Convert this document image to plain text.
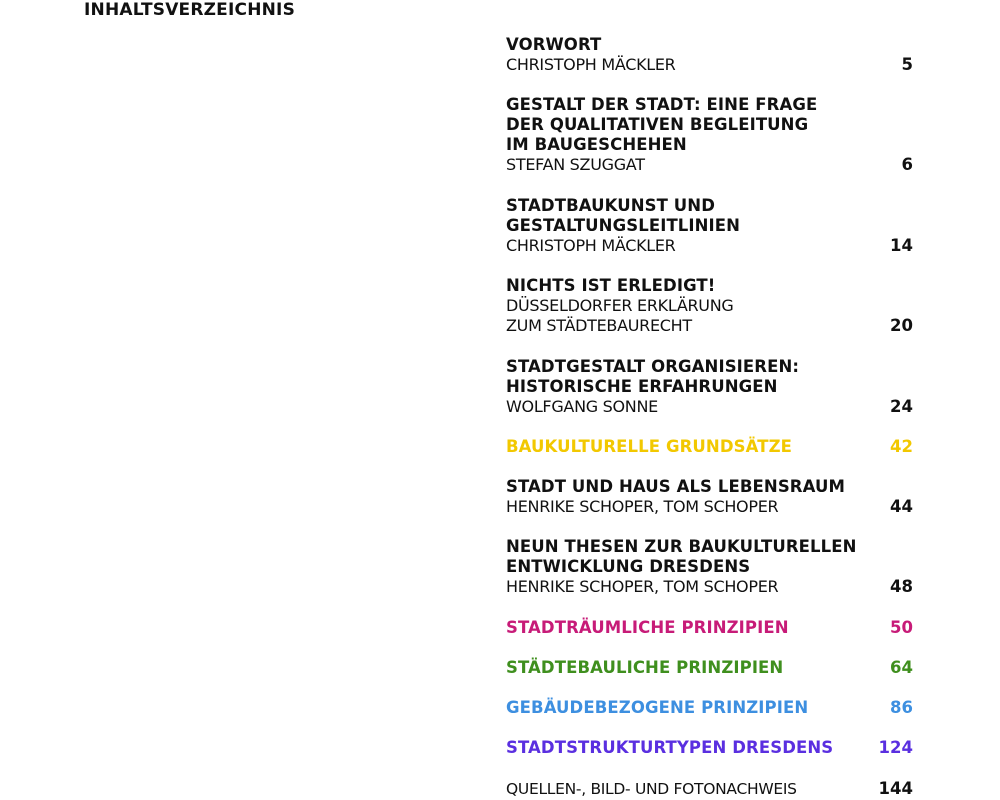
INHALTSVERZEICHNIS
VORWORT
CHRISTOPH MÄCKLER	5
GESTALT DER STADT: EINE FRAGE
DER QUALITATIVEN BEGLEITUNG
IM BAUGESCHEHEN
STEFAN SZUGGAT	6
STADTBAUKUNST UND
GESTALTUNGSLEITLINIEN
CHRISTOPH MÄCKLER	14
NICHTS IST ERLEDIGT!
DÜSSELDORFER ERKLÄRUNG
ZUM STÄDTEBAURECHT	20
STADTGESTALT ORGANISIEREN:
HISTORISCHE ERFAHRUNGEN
WOLFGANG SONNE	24
BAUKULTURELLE GRUNDSÄTZE	42
STADT UND HAUS ALS LEBENSRAUM
HENRIKE SCHOPER, TOM SCHOPER	44
NEUN THESEN ZUR BAUKULTURELLEN
ENTWICKLUNG DRESDENS
HENRIKE SCHOPER, TOM SCHOPER	48
STADTRÄUMLICHE PRINZIPIEN	50
STÄDTEBAULICHE PRINZIPIEN	64
GEBÄUDEBEZOGENE PRINZIPIEN	86
STADTSTRUKTURTYPEN DRESDENS	124
QUELLEN-, BILD- UND FOTONACHWEIS	144
